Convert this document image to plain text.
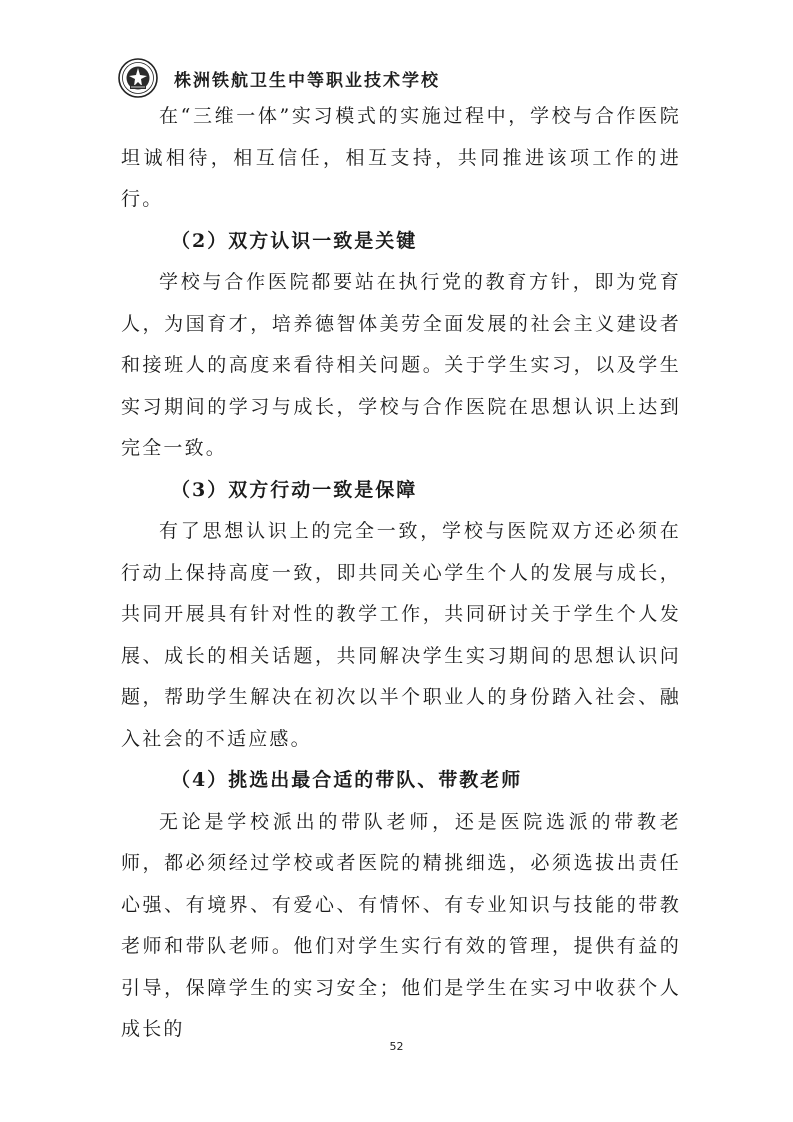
株洲铁航卫生中等职业技术学校

在“三维一体”实习模式的实施过程中，学校与合作医院坦诚相待，相互信任，相互支持，共同推进该项工作的进行。

（2）双方认识一致是关键

学校与合作医院都要站在执行党的教育方针，即为党育人，为国育才，培养德智体美劳全面发展的社会主义建设者和接班人的高度来看待相关问题。关于学生实习，以及学生实习期间的学习与成长，学校与合作医院在思想认识上达到完全一致。

（3）双方行动一致是保障

有了思想认识上的完全一致，学校与医院双方还必须在行动上保持高度一致，即共同关心学生个人的发展与成长，共同开展具有针对性的教学工作，共同研讨关于学生个人发展、成长的相关话题，共同解决学生实习期间的思想认识问题，帮助学生解决在初次以半个职业人的身份踏入社会、融入社会的不适应感。

（4）挑选出最合适的带队、带教老师

无论是学校派出的带队老师，还是医院选派的带教老师，都必须经过学校或者医院的精挑细选，必须选拔出责任心强、有境界、有爱心、有情怀、有专业知识与技能的带教老师和带队老师。他们对学生实行有效的管理，提供有益的引导，保障学生的实习安全；他们是学生在实习中收获个人成长的

52
